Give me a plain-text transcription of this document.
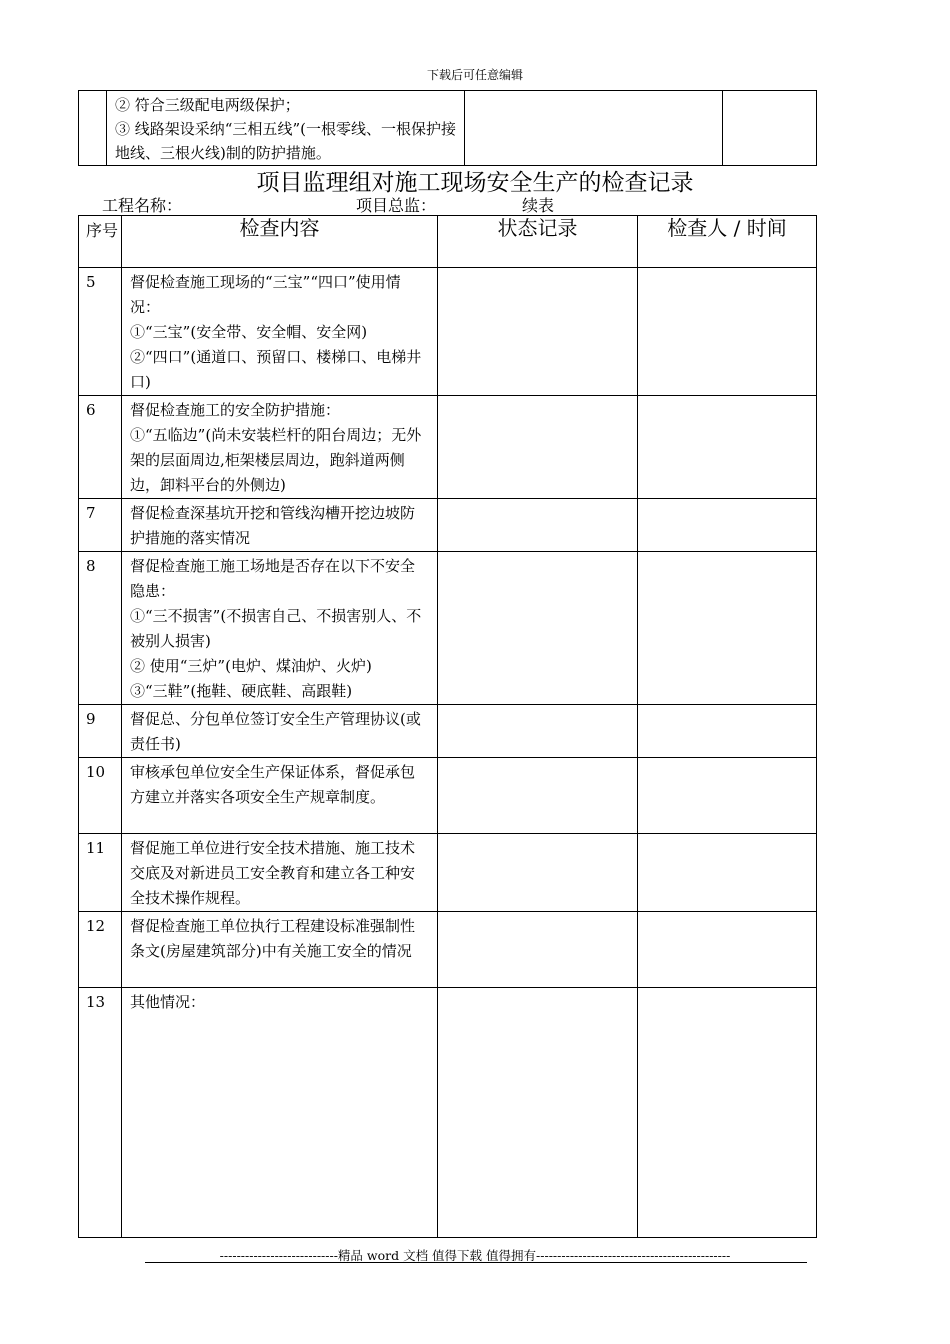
下载后可任意编辑

② 符合三级配电两级保护；
③ 线路架设采纳“三相五线”(一根零线、一根保护接地线、三根火线)制的防护措施。

项目监理组对施工现场安全生产的检查记录
工程名称：	项目总监：	续表
序号	检查内容	状态记录	检查人 / 时间
5	督促检查施工现场的“三宝”“四口”使用情况：
①“三宝”(安全带、安全帽、安全网)
②“四口”(通道口、预留口、楼梯口、电梯井口)		
6	督促检查施工的安全防护措施：
①“五临边”(尚未安装栏杆的阳台周边；无外架的层面周边,柜架楼层周边，跑斜道两侧边，卸料平台的外侧边)		
7	督促检查深基坑开挖和管线沟槽开挖边坡防护措施的落实情况		
8	督促检查施工施工场地是否存在以下不安全隐患：
①“三不损害”(不损害自己、不损害别人、不被别人损害)
② 使用“三炉”(电炉、煤油炉、火炉)
③“三鞋”(拖鞋、硬底鞋、高跟鞋)		
9	督促总、分包单位签订安全生产管理协议(或责任书)		
10	审核承包单位安全生产保证体系，督促承包方建立并落实各项安全生产规章制度。		
11	督促施工单位进行安全技术措施、施工技术交底及对新进员工安全教育和建立各工种安全技术操作规程。		
12	督促检查施工单位执行工程建设标准强制性条文(房屋建筑部分)中有关施工安全的情况		
13	其他情况：		
----------------------------精品 word 文档 值得下载 值得拥有----------------------------------------------
